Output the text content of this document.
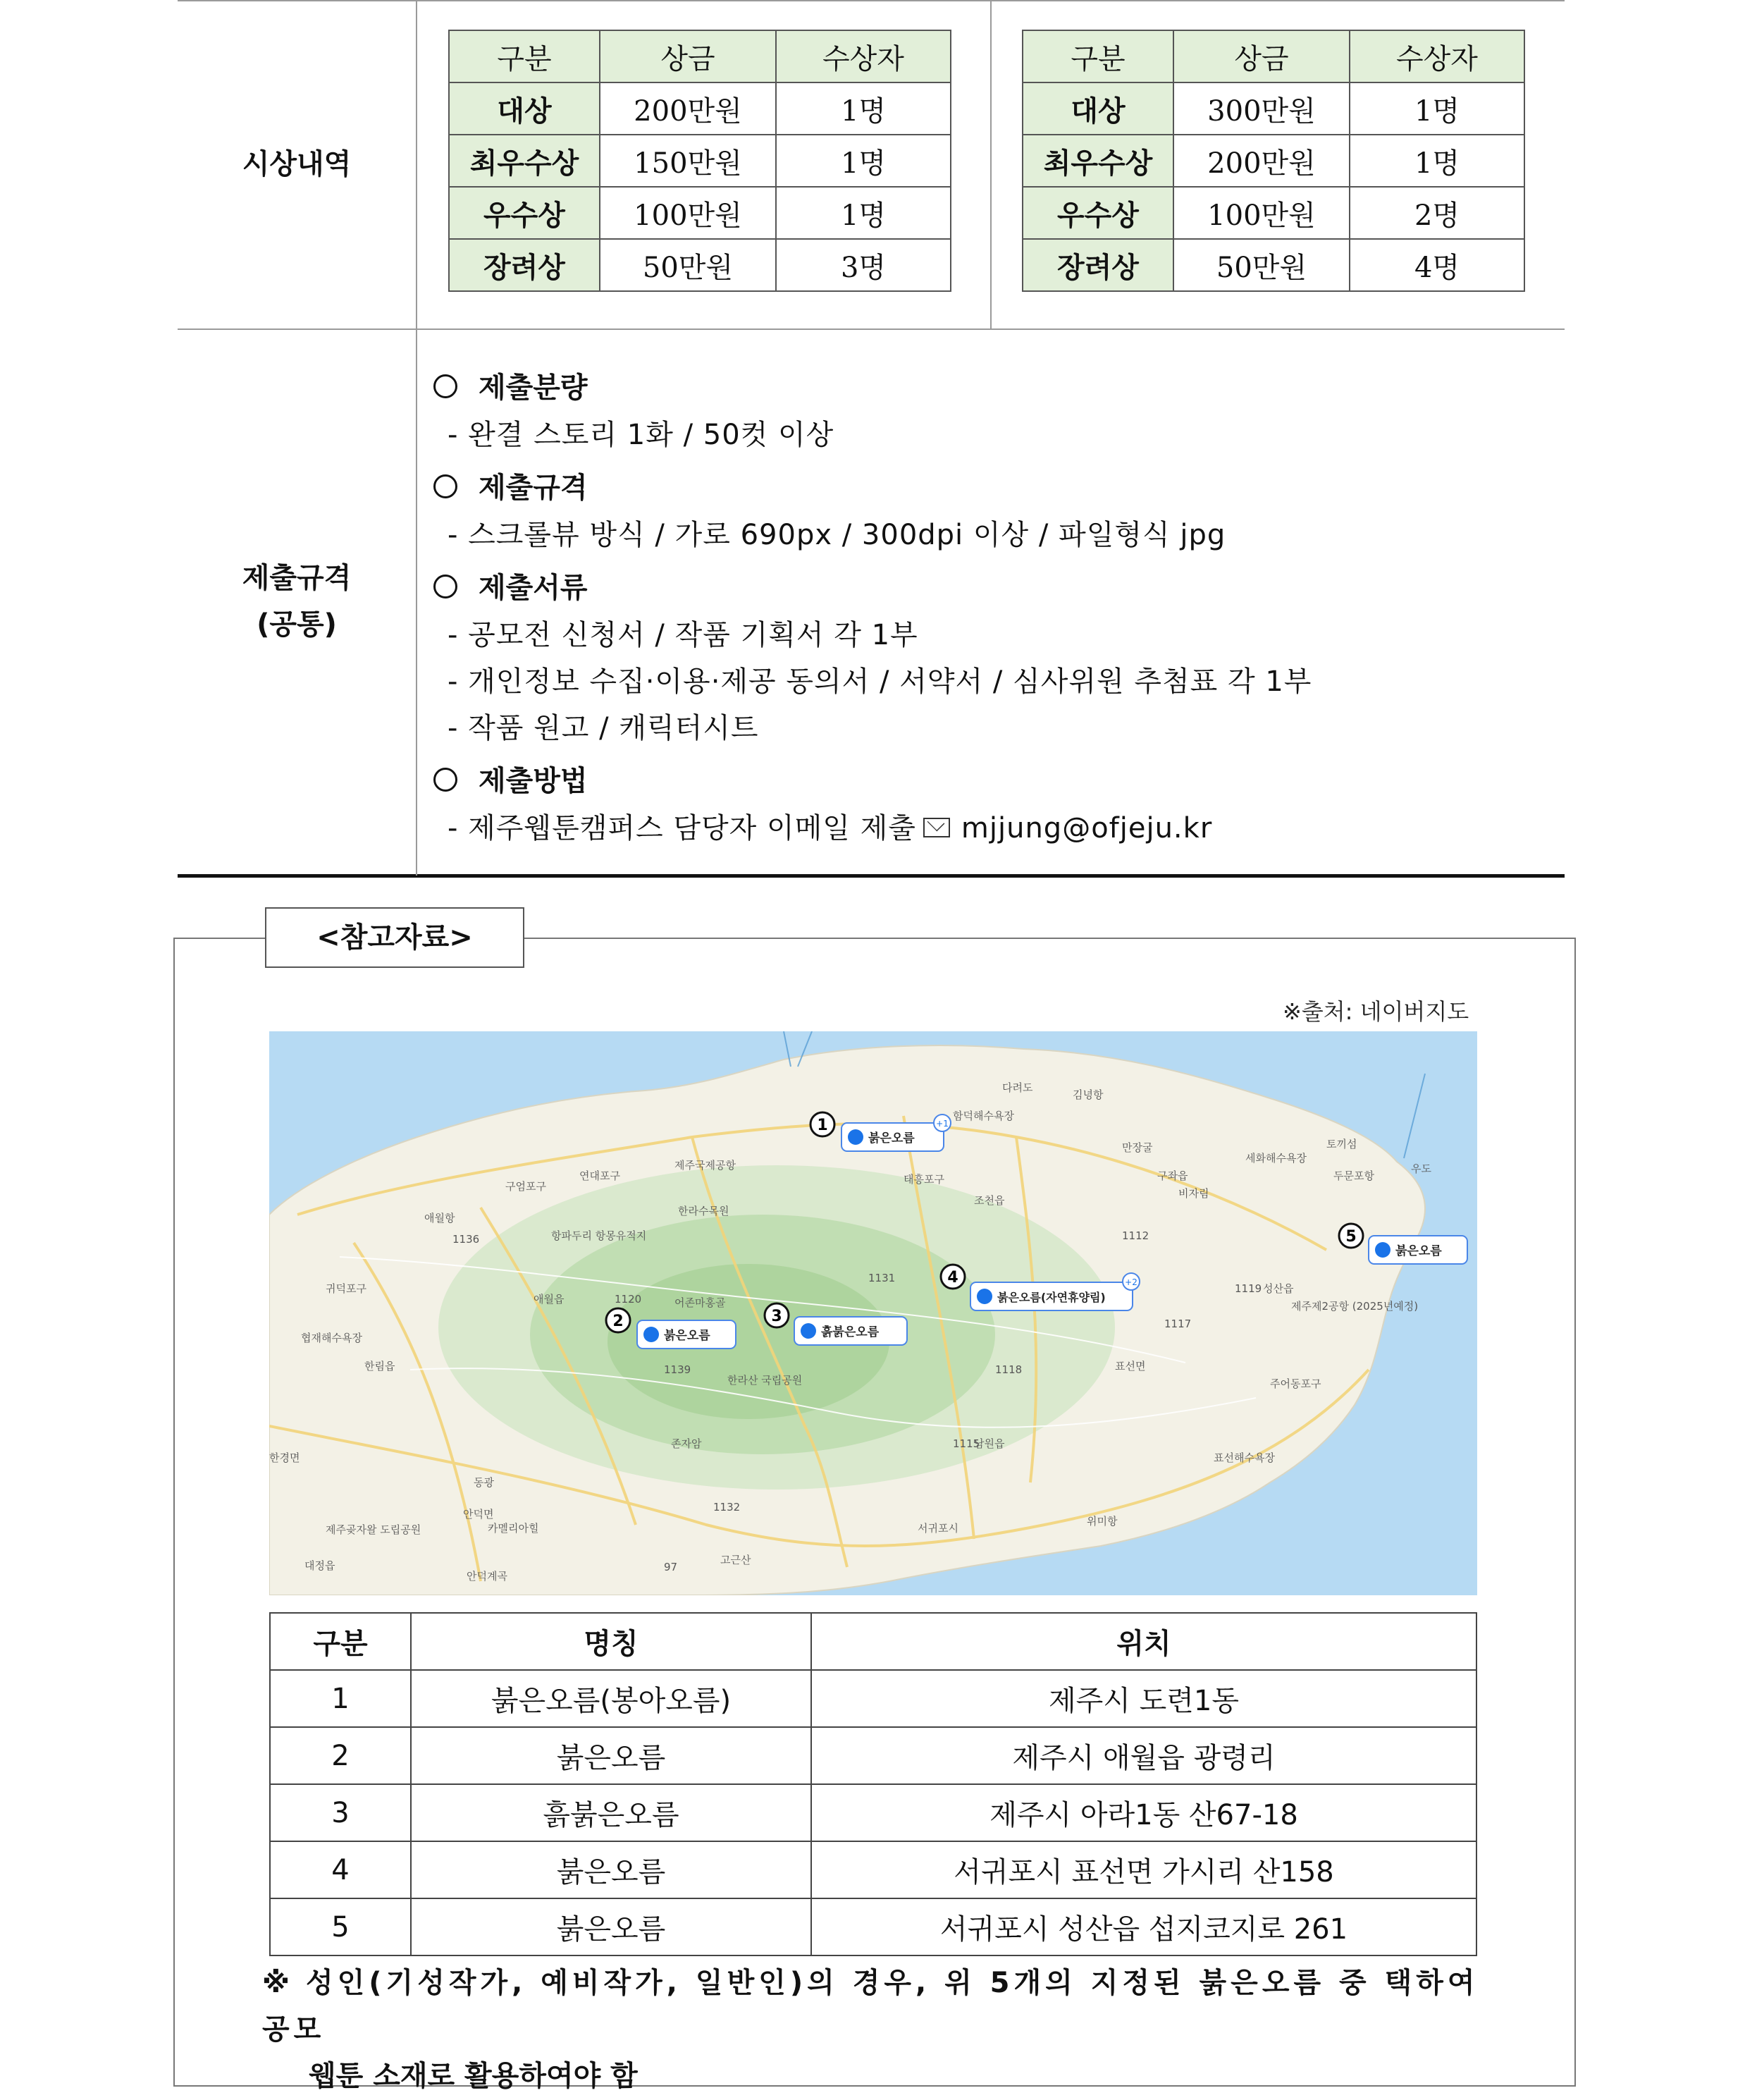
시상내역
제출규격
(공통)
구분	상금	수상자
대상	200만원	1명
최우수상	150만원	1명
우수상	100만원	1명
장려상	50만원	3명
구분	상금	수상자
대상	300만원	1명
최우수상	200만원	1명
우수상	100만원	2명
장려상	50만원	4명
제출분량
- 완결 스토리 1화 / 50컷 이상
제출규격
- 스크롤뷰 방식 / 가로 690px / 300dpi 이상 / 파일형식 jpg
제출서류
- 공모전 신청서 / 작품 기획서 각 1부
- 개인정보 수집·이용·제공 동의서 / 서약서 / 심사위원 추첨표 각 1부
- 작품 원고 / 캐릭터시트
제출방법
- 제주웹툰캠퍼스 담당자 이메일 제출 mjjung@ofjeju.kr
<참고자료>
※출처: 네이버지도
다려도
김녕항
함덕해수욕장
만장굴
세화해수욕장
토끼섬
우도
제주국제공항
연대포구
구엄포구
애월항
한라수목원
조천읍
구좌읍
비자림
두문포항
항파두리 항몽유적지
어존마홍골
1131
1136	1112
1139	1118
성산읍
제주제2공항 (2025년예정)
애월읍
귀덕포구
협재해수욕장
한림읍
한라산 국립공원
존자암
표선면
주어동포구
한경면
남원읍
표선해수욕장
동광
안덕면
카멜리아힐
제주곶자왈 도립공원
대정읍
안덕계곡
고근산
서귀포시
위미항
태흥포구
97
1132
1115
1119
1120
1117
1
붉은오름
+1
2
붉은오름
3
흙붉은오름
4
붉은오름(자연휴양림)
+2
5
붉은오름
구분	명칭	위치
1	붉은오름(봉아오름)	제주시 도련1동
2	붉은오름	제주시 애월읍 광령리
3	흙붉은오름	제주시 아라1동 산67-18
4	붉은오름	서귀포시 표선면 가시리 산158
5	붉은오름	서귀포시 성산읍 섭지코지로 261
※ 성인(기성작가, 예비작가, 일반인)의 경우, 위 5개의 지정된 붉은오름 중 택하여 공모
웹툰 소재로 활용하여야 함
